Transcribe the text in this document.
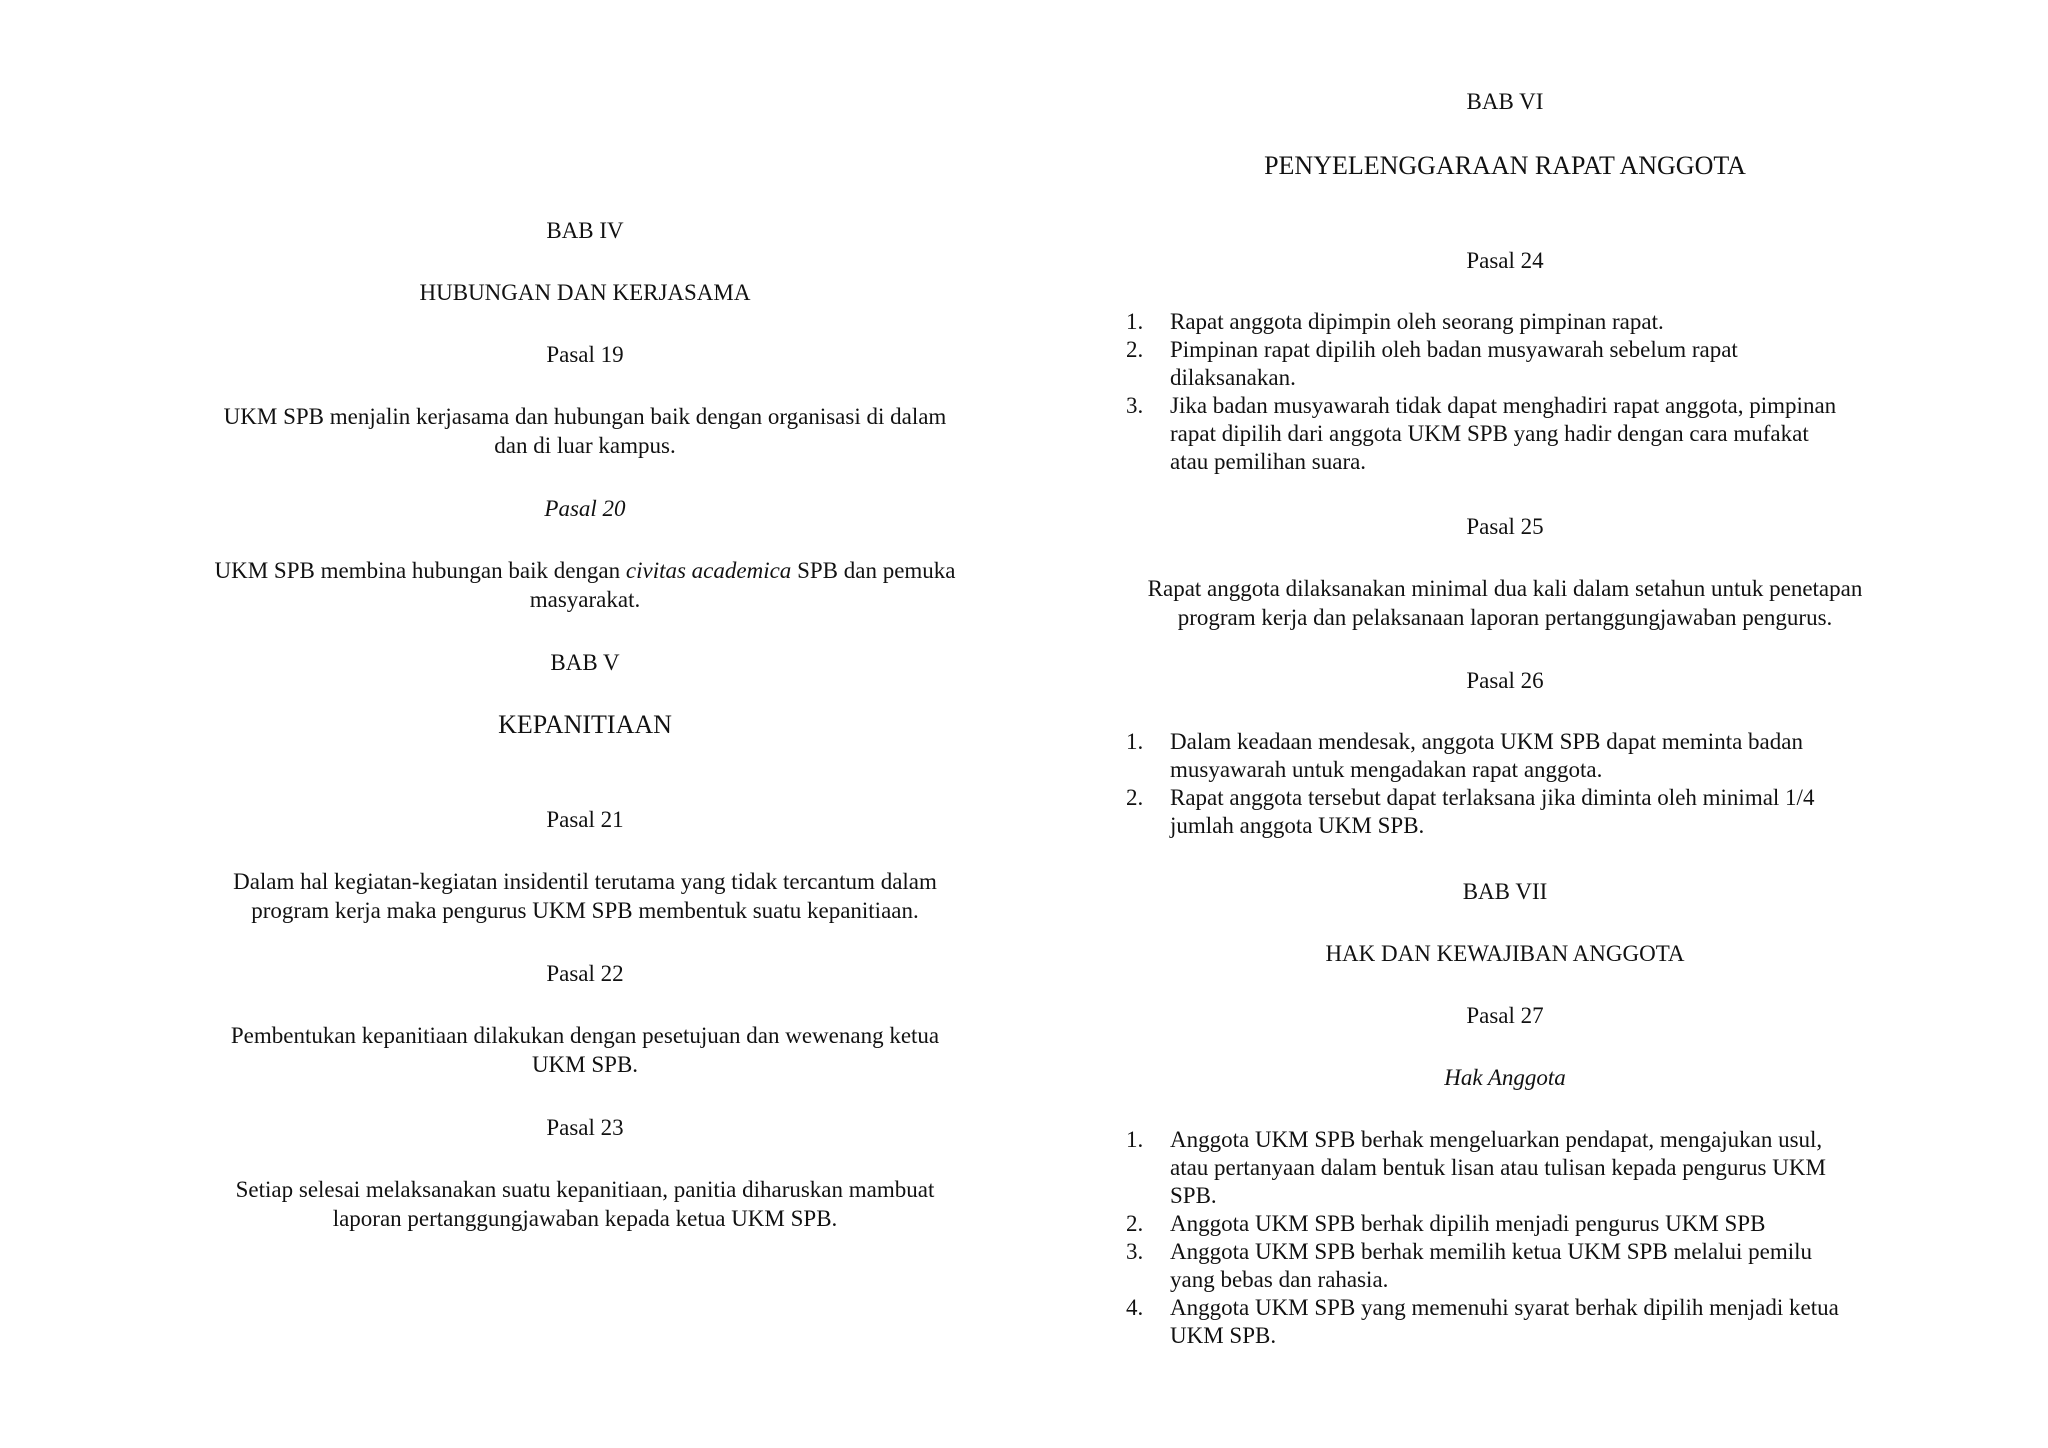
BAB IV

HUBUNGAN DAN KERJASAMA

Pasal 19

UKM SPB menjalin kerjasama dan hubungan baik dengan organisasi di dalam
dan di luar kampus.

Pasal 20

UKM SPB membina hubungan baik dengan civitas academica SPB dan pemuka
masyarakat.

BAB V

KEPANITIAAN

Pasal 21

Dalam hal kegiatan-kegiatan insidentil terutama yang tidak tercantum dalam
program kerja maka pengurus UKM SPB membentuk suatu kepanitiaan.

Pasal 22

Pembentukan kepanitiaan dilakukan dengan pesetujuan dan wewenang ketua
UKM SPB.

Pasal 23

Setiap selesai melaksanakan suatu kepanitiaan, panitia diharuskan mambuat
laporan pertanggungjawaban kepada ketua UKM SPB.

BAB VI

PENYELENGGARAAN RAPAT ANGGOTA

Pasal 24

1. Rapat anggota dipimpin oleh seorang pimpinan rapat.
2. Pimpinan rapat dipilih oleh badan musyawarah sebelum rapat
dilaksanakan.
3. Jika badan musyawarah tidak dapat menghadiri rapat anggota, pimpinan
rapat dipilih dari anggota UKM SPB yang hadir dengan cara mufakat
atau pemilihan suara.

Pasal 25

Rapat anggota dilaksanakan minimal dua kali dalam setahun untuk penetapan
program kerja dan pelaksanaan laporan pertanggungjawaban pengurus.

Pasal 26

1. Dalam keadaan mendesak, anggota UKM SPB dapat meminta badan
musyawarah untuk mengadakan rapat anggota.
2. Rapat anggota tersebut dapat terlaksana jika diminta oleh minimal 1/4
jumlah anggota UKM SPB.

BAB VII

HAK DAN KEWAJIBAN ANGGOTA

Pasal 27

Hak Anggota

1. Anggota UKM SPB berhak mengeluarkan pendapat, mengajukan usul,
atau pertanyaan dalam bentuk lisan atau tulisan kepada pengurus UKM
SPB.
2. Anggota UKM SPB berhak dipilih menjadi pengurus UKM SPB
3. Anggota UKM SPB berhak memilih ketua UKM SPB melalui pemilu
yang bebas dan rahasia.
4. Anggota UKM SPB yang memenuhi syarat berhak dipilih menjadi ketua
UKM SPB.
